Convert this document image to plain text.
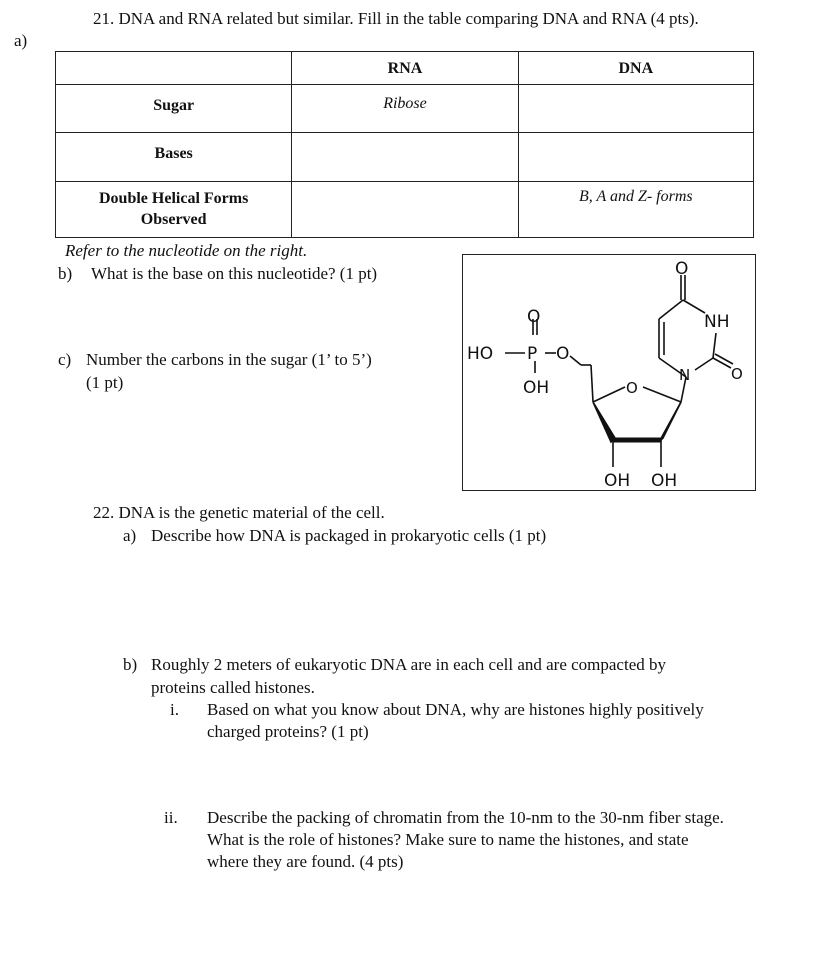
21. DNA and RNA related but similar. Fill in the table comparing DNA and RNA (4 pts).
a)
	RNA	DNA
Sugar	Ribose	
Bases		

Double Helical Forms
Observed		B, A and Z- forms
Refer to the nucleotide on the right.
b) What is the base on this nucleotide? (1 pt)
c) Number the carbons in the sugar (1’ to 5’)
(1 pt)
HO P
O
O
OH	O
O
NH
N	O
OH OH
22. DNA is the genetic material of the cell.
a) Describe how DNA is packaged in prokaryotic cells (1 pt)
b) Roughly 2 meters of eukaryotic DNA are in each cell and are compacted by
proteins called histones.
i. Based on what you know about DNA, why are histones highly positively
charged proteins? (1 pt)
ii. Describe the packing of chromatin from the 10-nm to the 30-nm fiber stage.
What is the role of histones? Make sure to name the histones, and state
where they are found. (4 pts)
